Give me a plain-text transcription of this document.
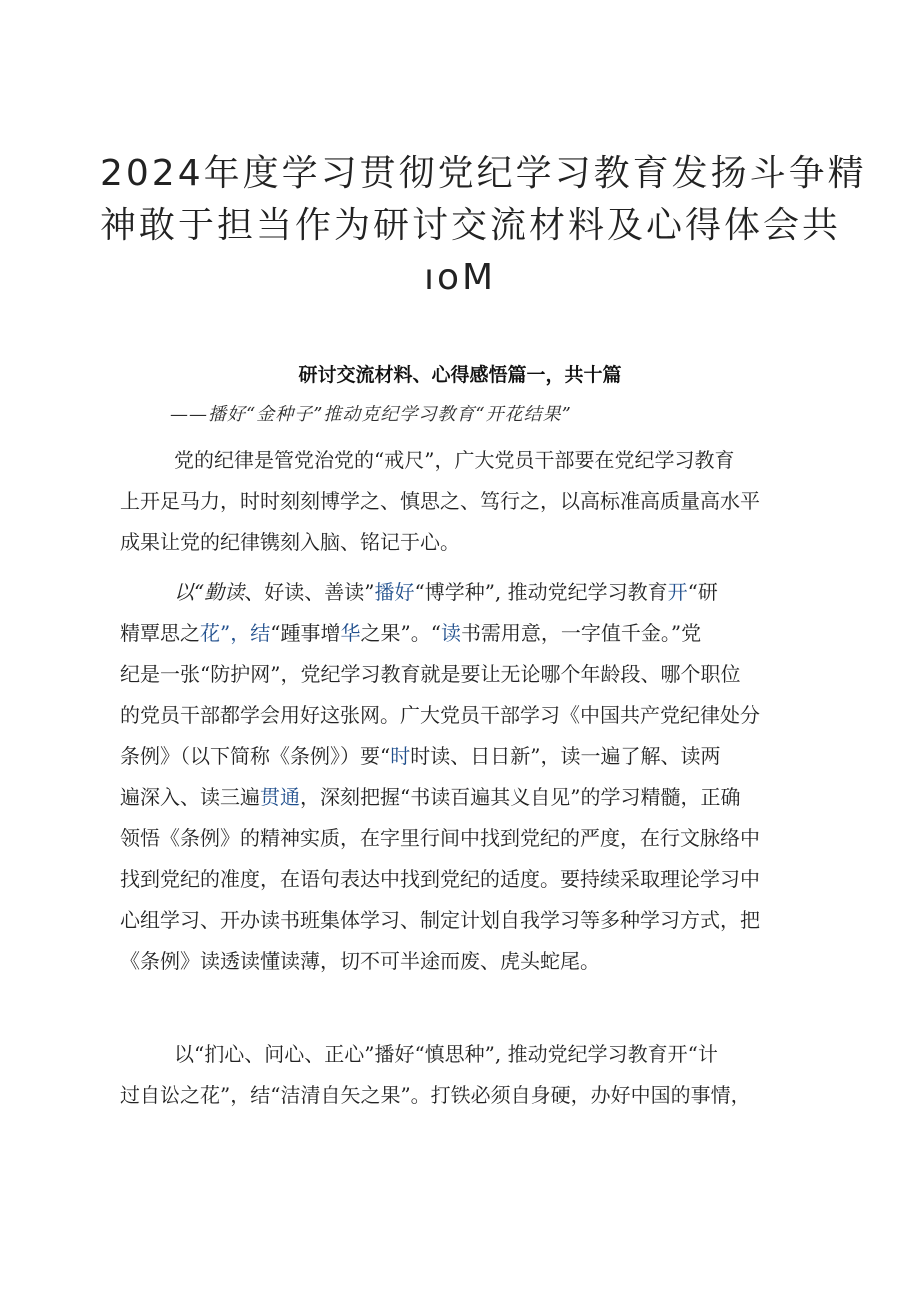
2024年度学习贯彻党纪学习教育发扬斗争精
神敢于担当作为研讨交流材料及心得体会共
ıoM
研讨交流材料、心得感悟篇一，共十篇
——播好“金种子”推动克纪学习教育“开花结果”
党的纪律是管党治党的“戒尺”，广大党员干部要在党纪学习教育
上开足马力，时时刻刻博学之、慎思之、笃行之，以高标准高质量高水平
成果让党的纪律镌刻入脑、铭记于心。
以“勤读、好读、善读”播好“博学种”, 推动党纪学习教育开“研
精覃思之花”，结“踵事增华之果”。“读书需用意，一字值千金。”党
纪是一张“防护网”，党纪学习教育就是要让无论哪个年龄段、哪个职位
的党员干部都学会用好这张网。广大党员干部学习《中国共产党纪律处分
条例》（以下简称《条例》）要“时时读、日日新”，读一遍了解、读两
遍深入、读三遍贯通，深刻把握“书读百遍其义自见”的学习精髓，正确
领悟《条例》的精神实质，在字里行间中找到党纪的严度，在行文脉络中
找到党纪的准度，在语句表达中找到党纪的适度。要持续采取理论学习中
心组学习、开办读书班集体学习、制定计划自我学习等多种学习方式，把
《条例》读透读懂读薄，切不可半途而废、虎头蛇尾。
以“扪心、问心、正心”播好“慎思种”, 推动党纪学习教育开“计
过自讼之花”，结“洁清自矢之果”。打铁必须自身硬，办好中国的事情，
